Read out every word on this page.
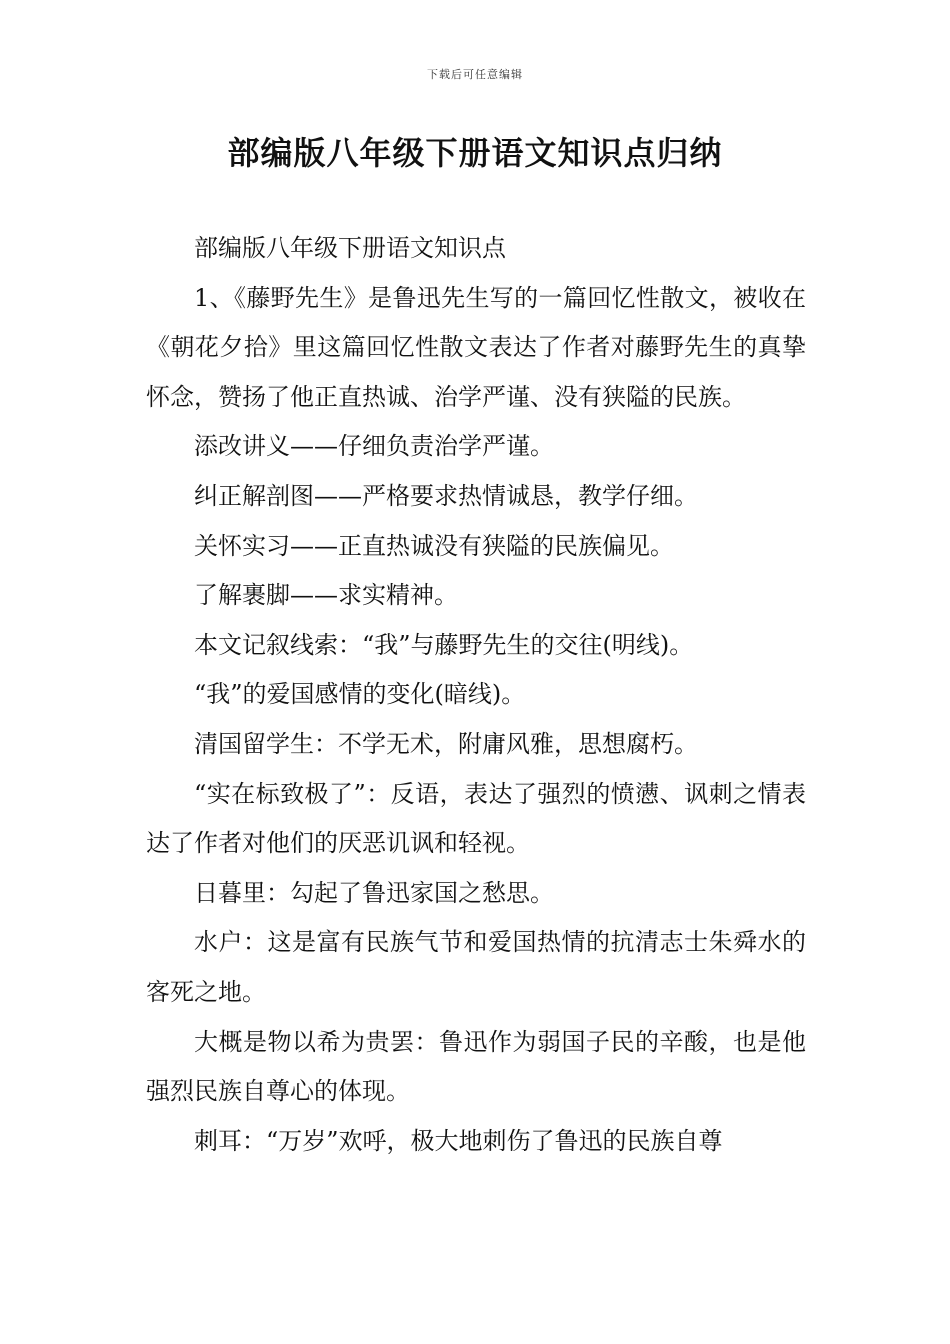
下载后可任意编辑
部编版八年级下册语文知识点归纳

部编版八年级下册语文知识点

1、《藤野先生》是鲁迅先生写的一篇回忆性散文，被收在《朝花夕拾》里这篇回忆性散文表达了作者对藤野先生的真挚怀念，赞扬了他正直热诚、治学严谨、没有狭隘的民族。

添改讲义——仔细负责治学严谨。

纠正解剖图——严格要求热情诚恳，教学仔细。

关怀实习——正直热诚没有狭隘的民族偏见。

了解裹脚——求实精神。

本文记叙线索：“我”与藤野先生的交往(明线)。

“我”的爱国感情的变化(暗线)。

清国留学生：不学无术，附庸风雅，思想腐朽。

“实在标致极了”：反语，表达了强烈的愤懑、讽刺之情表达了作者对他们的厌恶讥讽和轻视。

日暮里：勾起了鲁迅家国之愁思。

水户：这是富有民族气节和爱国热情的抗清志士朱舜水的客死之地。

大概是物以希为贵罢：鲁迅作为弱国子民的辛酸，也是他强烈民族自尊心的体现。

刺耳：“万岁”欢呼，极大地刺伤了鲁迅的民族自尊
